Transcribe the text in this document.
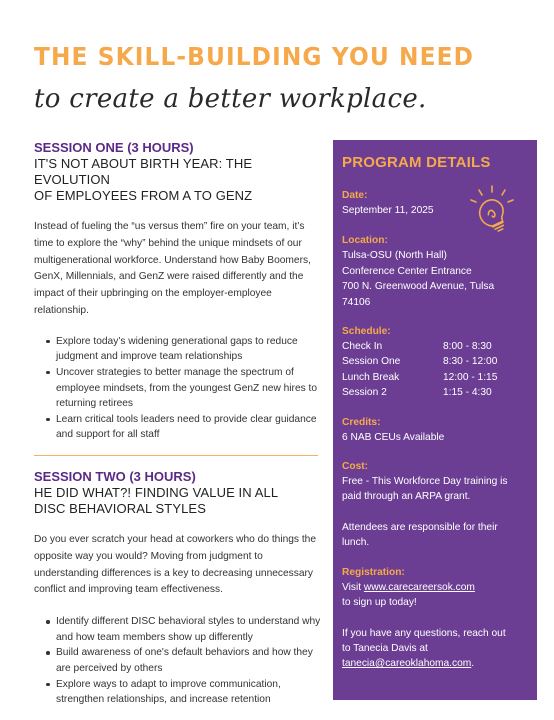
THE SKILL-BUILDING YOU NEED
to create a better workplace.
SESSION ONE (3 HOURS)
IT'S NOT ABOUT BIRTH YEAR: THE EVOLUTION
OF EMPLOYEES FROM A TO GENZ

Instead of fueling the “us versus them” fire on your team, it’s time to explore the “why” behind the unique mindsets of our multigenerational workforce. Understand how Baby Boomers, GenX, Millennials, and GenZ were raised differently and the impact of their upbringing on the employer-employee relationship.

Explore today’s widening generational gaps to reduce judgment and improve team relationships
Uncover strategies to better manage the spectrum of employee mindsets, from the youngest GenZ new hires to returning retirees
Learn critical tools leaders need to provide clear guidance and support for all staff
SESSION TWO (3 HOURS)
HE DID WHAT?! FINDING VALUE IN ALL
DISC BEHAVIORAL STYLES

Do you ever scratch your head at coworkers who do things the opposite way you would? Moving from judgment to understanding differences is a key to decreasing unnecessary conflict and improving team effectiveness.

Identify different DISC behavioral styles to understand why and how team members show up differently
Build awareness of one's default behaviors and how they are perceived by others
Explore ways to adapt to improve communication, strengthen relationships, and increase retention
PROGRAM DETAILS
Date:
September 11, 2025
Location:
Tulsa-OSU (North Hall)
Conference Center Entrance
700 N. Greenwood Avenue, Tulsa
74106
Schedule:
Check In	8:00 - 8:30
Session One	8:30 - 12:00
Lunch Break	12:00 - 1:15
Session 2	1:15 - 4:30
Credits:
6 NAB CEUs Available
Cost:
Free - This Workforce Day training is
paid through an ARPA grant.
Attendees are responsible for their
lunch.
Registration:
Visit www.carecareersok.com
to sign up today!
If you have any questions, reach out
to Tanecia Davis at
tanecia@careoklahoma.com.
